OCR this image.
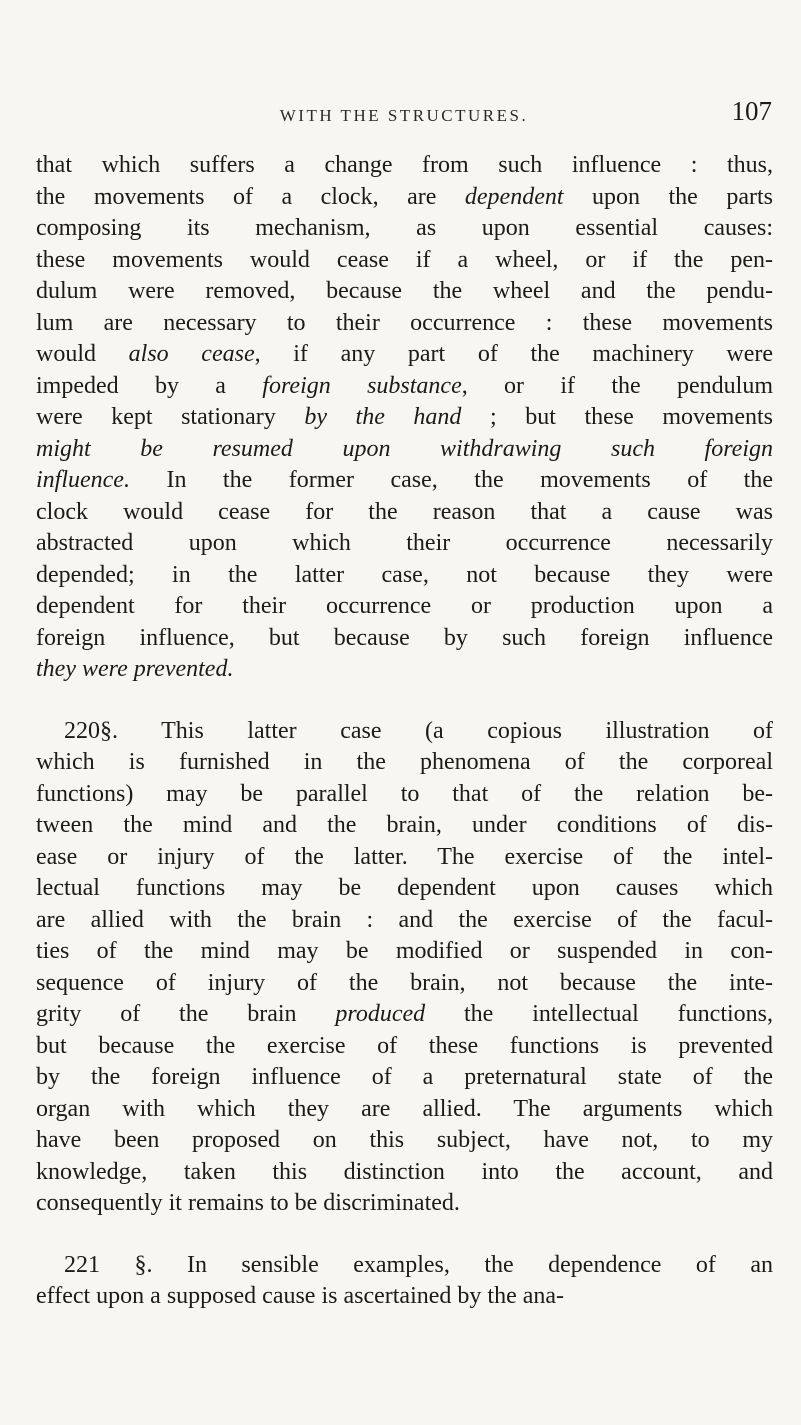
WITH THE STRUCTURES.	107
that which suffers a change from such influence : thus,
the movements of a clock, are dependent upon the parts
composing its mechanism, as upon essential causes:
these movements would cease if a wheel, or if the pen-
dulum were removed, because the wheel and the pendu-
lum are necessary to their occurrence : these movements
would also cease, if any part of the machinery were
impeded by a foreign substance, or if the pendulum
were kept stationary by the hand ; but these movements
might be resumed upon withdrawing such foreign
influence. In the former case, the movements of the
clock would cease for the reason that a cause was
abstracted upon which their occurrence necessarily
depended; in the latter case, not because they were
dependent for their occurrence or production upon a
foreign influence, but because by such foreign influence
they were prevented.
220§. This latter case (a copious illustration of
which is furnished in the phenomena of the corporeal
functions) may be parallel to that of the relation be-
tween the mind and the brain, under conditions of dis-
ease or injury of the latter. The exercise of the intel-
lectual functions may be dependent upon causes which
are allied with the brain : and the exercise of the facul-
ties of the mind may be modified or suspended in con-
sequence of injury of the brain, not because the inte-
grity of the brain produced the intellectual functions,
but because the exercise of these functions is prevented
by the foreign influence of a preternatural state of the
organ with which they are allied. The arguments which
have been proposed on this subject, have not, to my
knowledge, taken this distinction into the account, and
consequently it remains to be discriminated.
221 §. In sensible examples, the dependence of an
effect upon a supposed cause is ascertained by the ana-
